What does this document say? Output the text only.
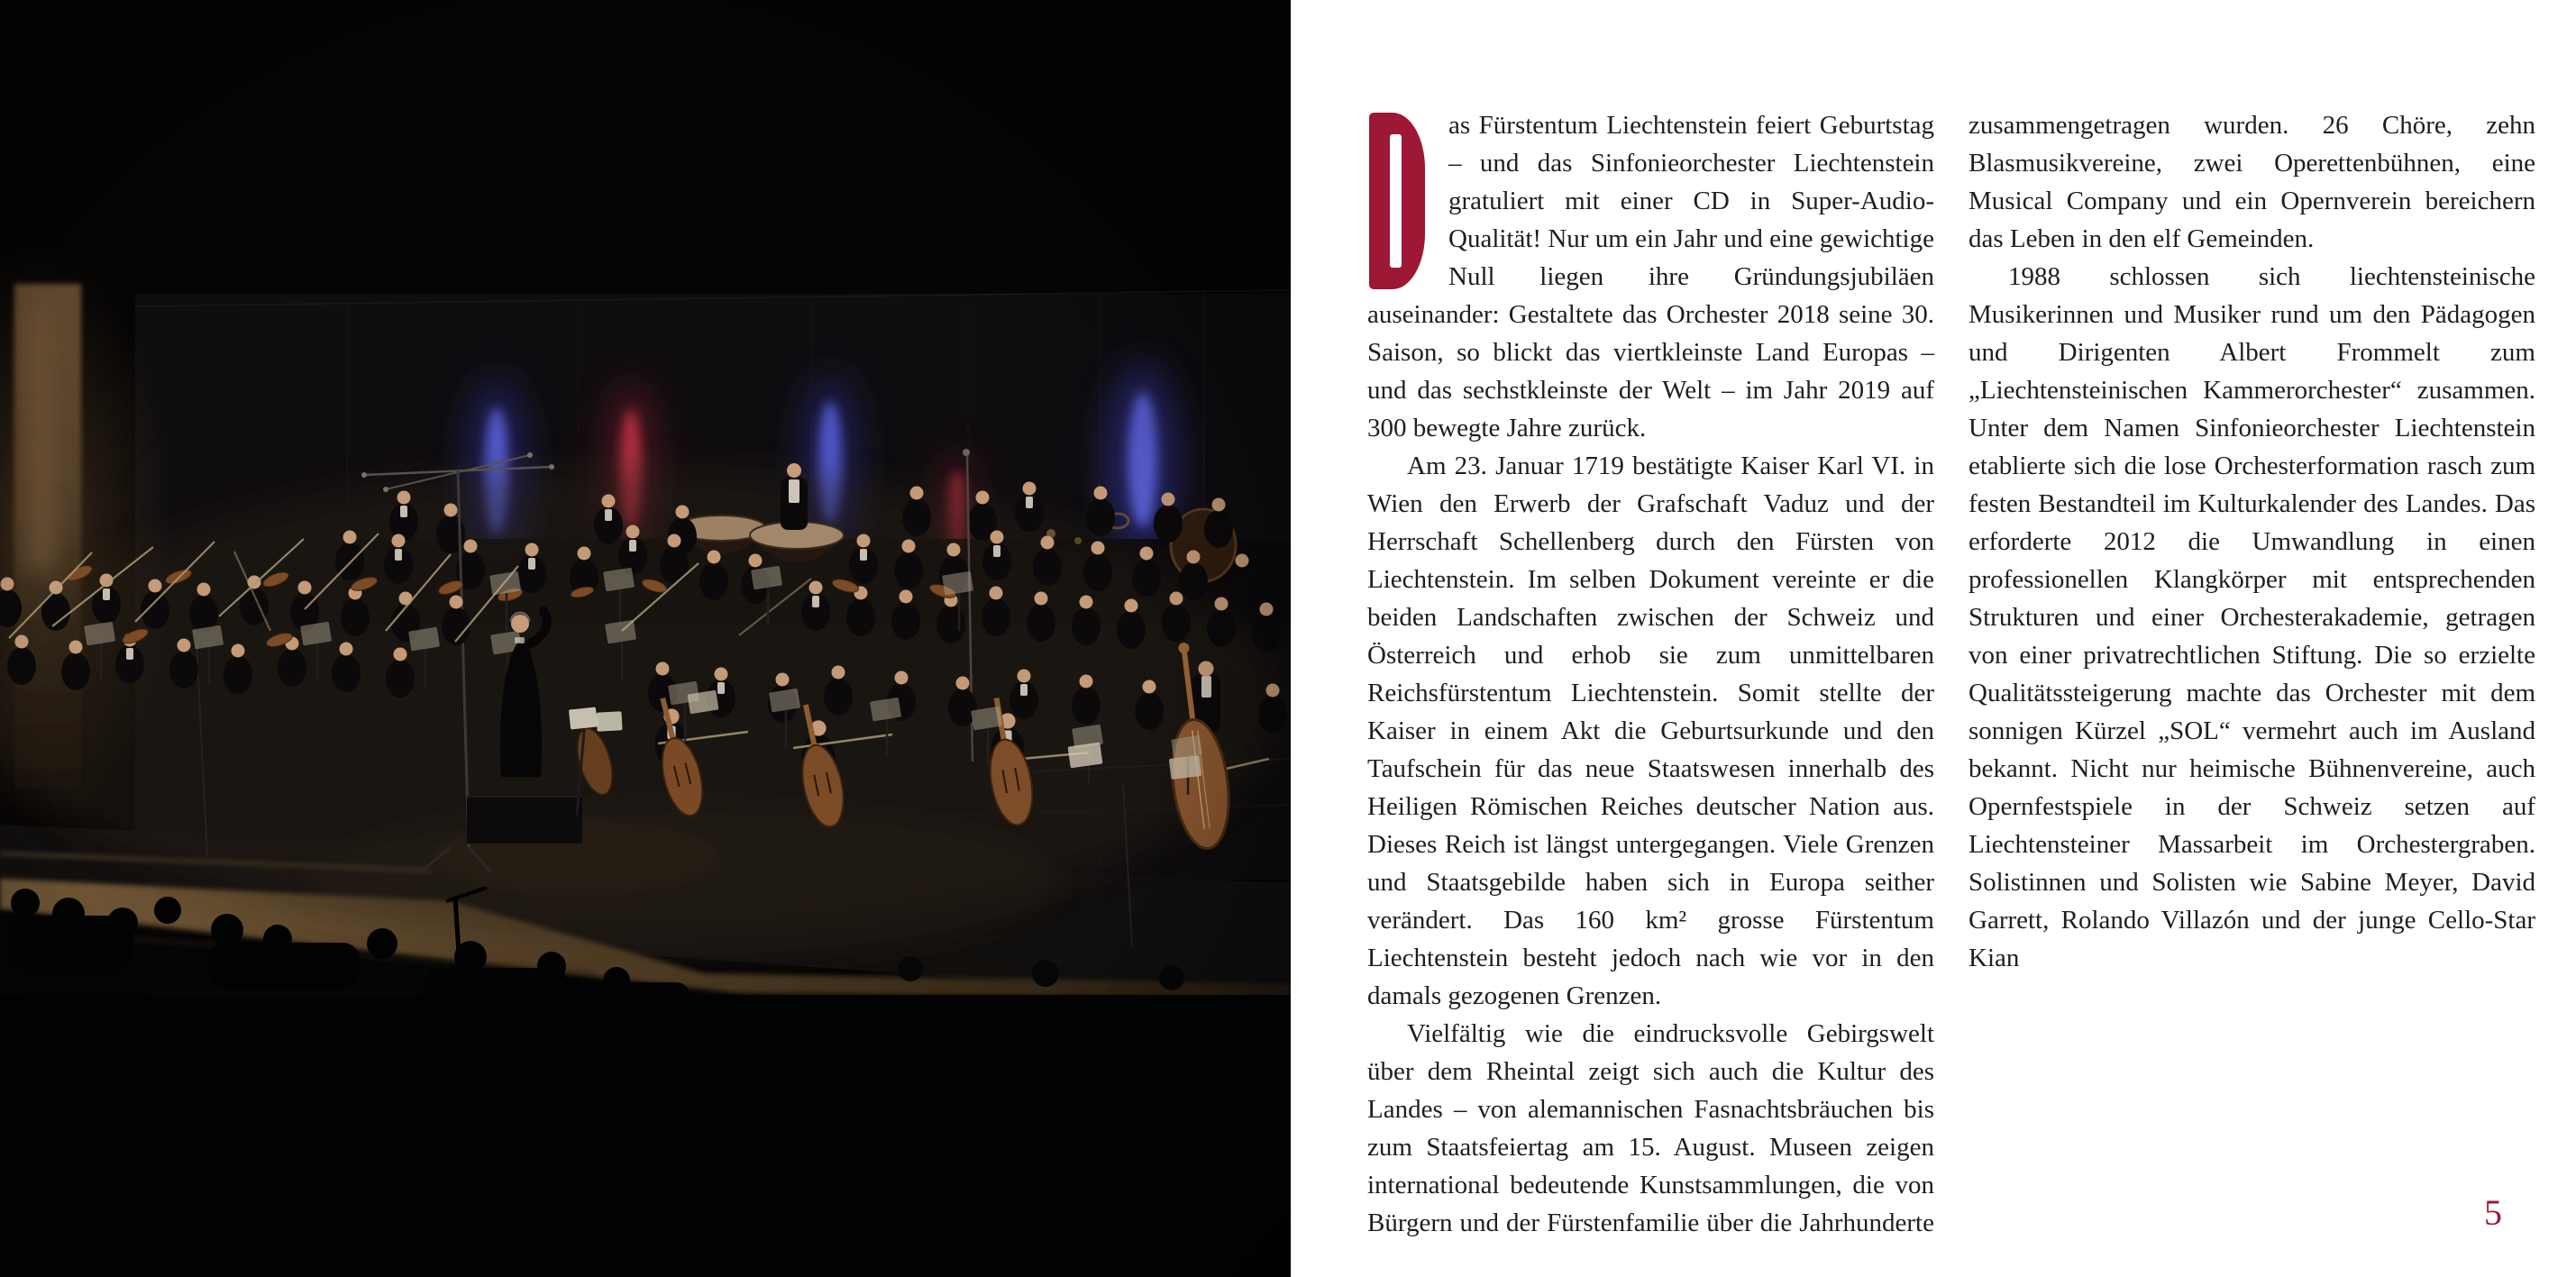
as Fürstentum Liechtenstein feiert Geburtstag – und das Sinfonieorchester Liechtenstein gratuliert mit einer CD in Super-Audio-Qualität! Nur um ein Jahr und eine gewichtige Null liegen ihre Gründungsjubiläen auseinander: Gestaltete das Orchester 2018 seine 30. Saison, so blickt das viertkleinste Land Europas – und das sechstkleinste der Welt – im Jahr 2019 auf 300 bewegte Jahre zurück.

Am 23. Januar 1719 bestätigte Kaiser Karl VI. in Wien den Erwerb der Grafschaft Vaduz und der Herrschaft Schellenberg durch den Fürsten von Liechtenstein. Im selben Dokument vereinte er die beiden Landschaften zwischen der Schweiz und Österreich und erhob sie zum unmittelbaren Reichsfürstentum Liechtenstein. Somit stellte der Kaiser in einem Akt die Geburtsurkunde und den Taufschein für das neue Staatswesen innerhalb des Heiligen Römischen Reiches deutscher Nation aus. Dieses Reich ist längst untergegangen. Viele Grenzen und Staatsgebilde haben sich in Europa seither verändert. Das 160 km² grosse Fürstentum Liechtenstein besteht jedoch nach wie vor in den damals gezogenen Grenzen.

Vielfältig wie die eindrucksvolle Gebirgswelt über dem Rheintal zeigt sich auch die Kultur des Landes – von alemannischen Fasnachtsbräuchen bis zum Staatsfeiertag am 15. August. Museen zeigen international bedeutende Kunstsammlungen, die von Bürgern und der Fürstenfamilie über die Jahrhunderte zusammengetragen wurden. 26 Chöre, zehn Blasmusikvereine, zwei Operettenbühnen, eine Musical Company und ein Opernverein bereichern das Leben in den elf Gemeinden.

1988 schlossen sich liechtensteinische Musikerinnen und Musiker rund um den Pädagogen und Dirigenten Albert Frommelt zum „Liechtensteinischen Kammerorchester“ zusammen. Unter dem Namen Sinfonieorchester Liechtenstein etablierte sich die lose Orchesterformation rasch zum festen Bestandteil im Kulturkalender des Landes. Das erforderte 2012 die Umwandlung in einen professionellen Klangkörper mit entsprechenden Strukturen und einer Orchesterakademie, getragen von einer privatrechtlichen Stiftung. Die so erzielte Qualitätssteigerung machte das Orchester mit dem sonnigen Kürzel „SOL“ vermehrt auch im Ausland bekannt. Nicht nur heimische Bühnenvereine, auch Opernfestspiele in der Schweiz setzen auf Liechtensteiner Massarbeit im Orchestergraben. Solistinnen und Solisten wie Sabine Meyer, David Garrett, Rolando Villazón und der junge Cello-Star Kian

5
